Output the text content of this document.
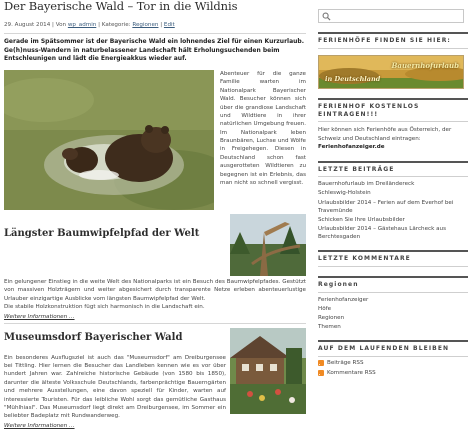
Der Bayerische Wald – Tor in die Wildnis
29. August 2014 | Von wp_admin | Kategorie: Regionen | Edit

Gerade im Spätsommer ist der Bayerische Wald ein lohnendes Ziel für einen Kurzurlaub. Ge(h)nuss-Wandern in naturbelassener Landschaft hält Erholungsuchenden beim Entschleunigen und lädt die Energieakkus wieder auf.

Abenteuer für die ganze Familie warten im Nationalpark Bayerischer Wald. Besucher können sich über die grandiose Landschaft und Wildtiere in ihrer natürlichen Umgebung freuen. Im Nationalpark leben Braunbären, Luchse und Wölfe in Freigehegen. Diesen in Deutschland schon fast ausgerotteten Wildtieren zu begegnen ist ein Erlebnis, das man nicht so schnell vergisst.

Längster Baumwipfelpfad der Welt

Ein gelungener Einstieg in die weite Welt des Nationalparks ist ein Besuch des Baumwipfelpfades. Gestützt von massiven Holzträgern und weiter abgesichert durch transparente Netze erleben abenteuerlustige Urlauber einzigartige Ausblicke vom längsten Baumwipfelpfad der Welt.

Die stabile Holzkonstruktion fügt sich harmonisch in die Landschaft ein.

Weitere Informationen …
Museumsdorf Bayerischer Wald

Ein besonderes Ausflugsziel ist auch das "Museumsdorf" am Dreiburgensee bei Tittling. Hier lernen die Besucher das Landleben kennen wie es vor über hundert Jahren war. Zahlreiche historische Gebäude (von 1580 bis 1850), darunter die älteste Volksschule Deutschlands, farbenprächtige Bauerngärten und mehrere Ausstellungen, eine davon speziell für Kinder, warten auf interessierte Touristen. Für das leibliche Wohl sorgt das gemütliche Gasthaus "Mühlhiasl". Das Museumsdorf liegt direkt am Dreiburgensee, im Sommer ein beliebter Badeplatz mit Rundwanderweg.

Weitere Informationen …
FERIENHÖFE FINDEN SIE HIER:
Bauernhofurlaub
in Deutschland
FERIENHOF KOSTENLOS EINTRAGEN!!!

Hier können sich Ferienhöfe aus Österreich, der Schweiz und Deutschland eintragen: Ferienhofanzeiger.de

LETZTE BEITRÄGE
Bauernhofurlaub im Dreiländereck
Schleswig-Holstein
Urlaubsbilder 2014 – Ferien auf dem Everhof bei Travemünde
Schicken Sie Ihre Urlaubsbilder
Urlaubsbilder 2014 – Gästehaus Lärcheck aus Berchtesgaden
LETZTE KOMMENTARE
Regionen
Ferienhofanzeiger
Höfe
Regionen
Themen
AUF DEM LAUFENDEN BLEIBEN
Beiträge RSS
Kommentare RSS
